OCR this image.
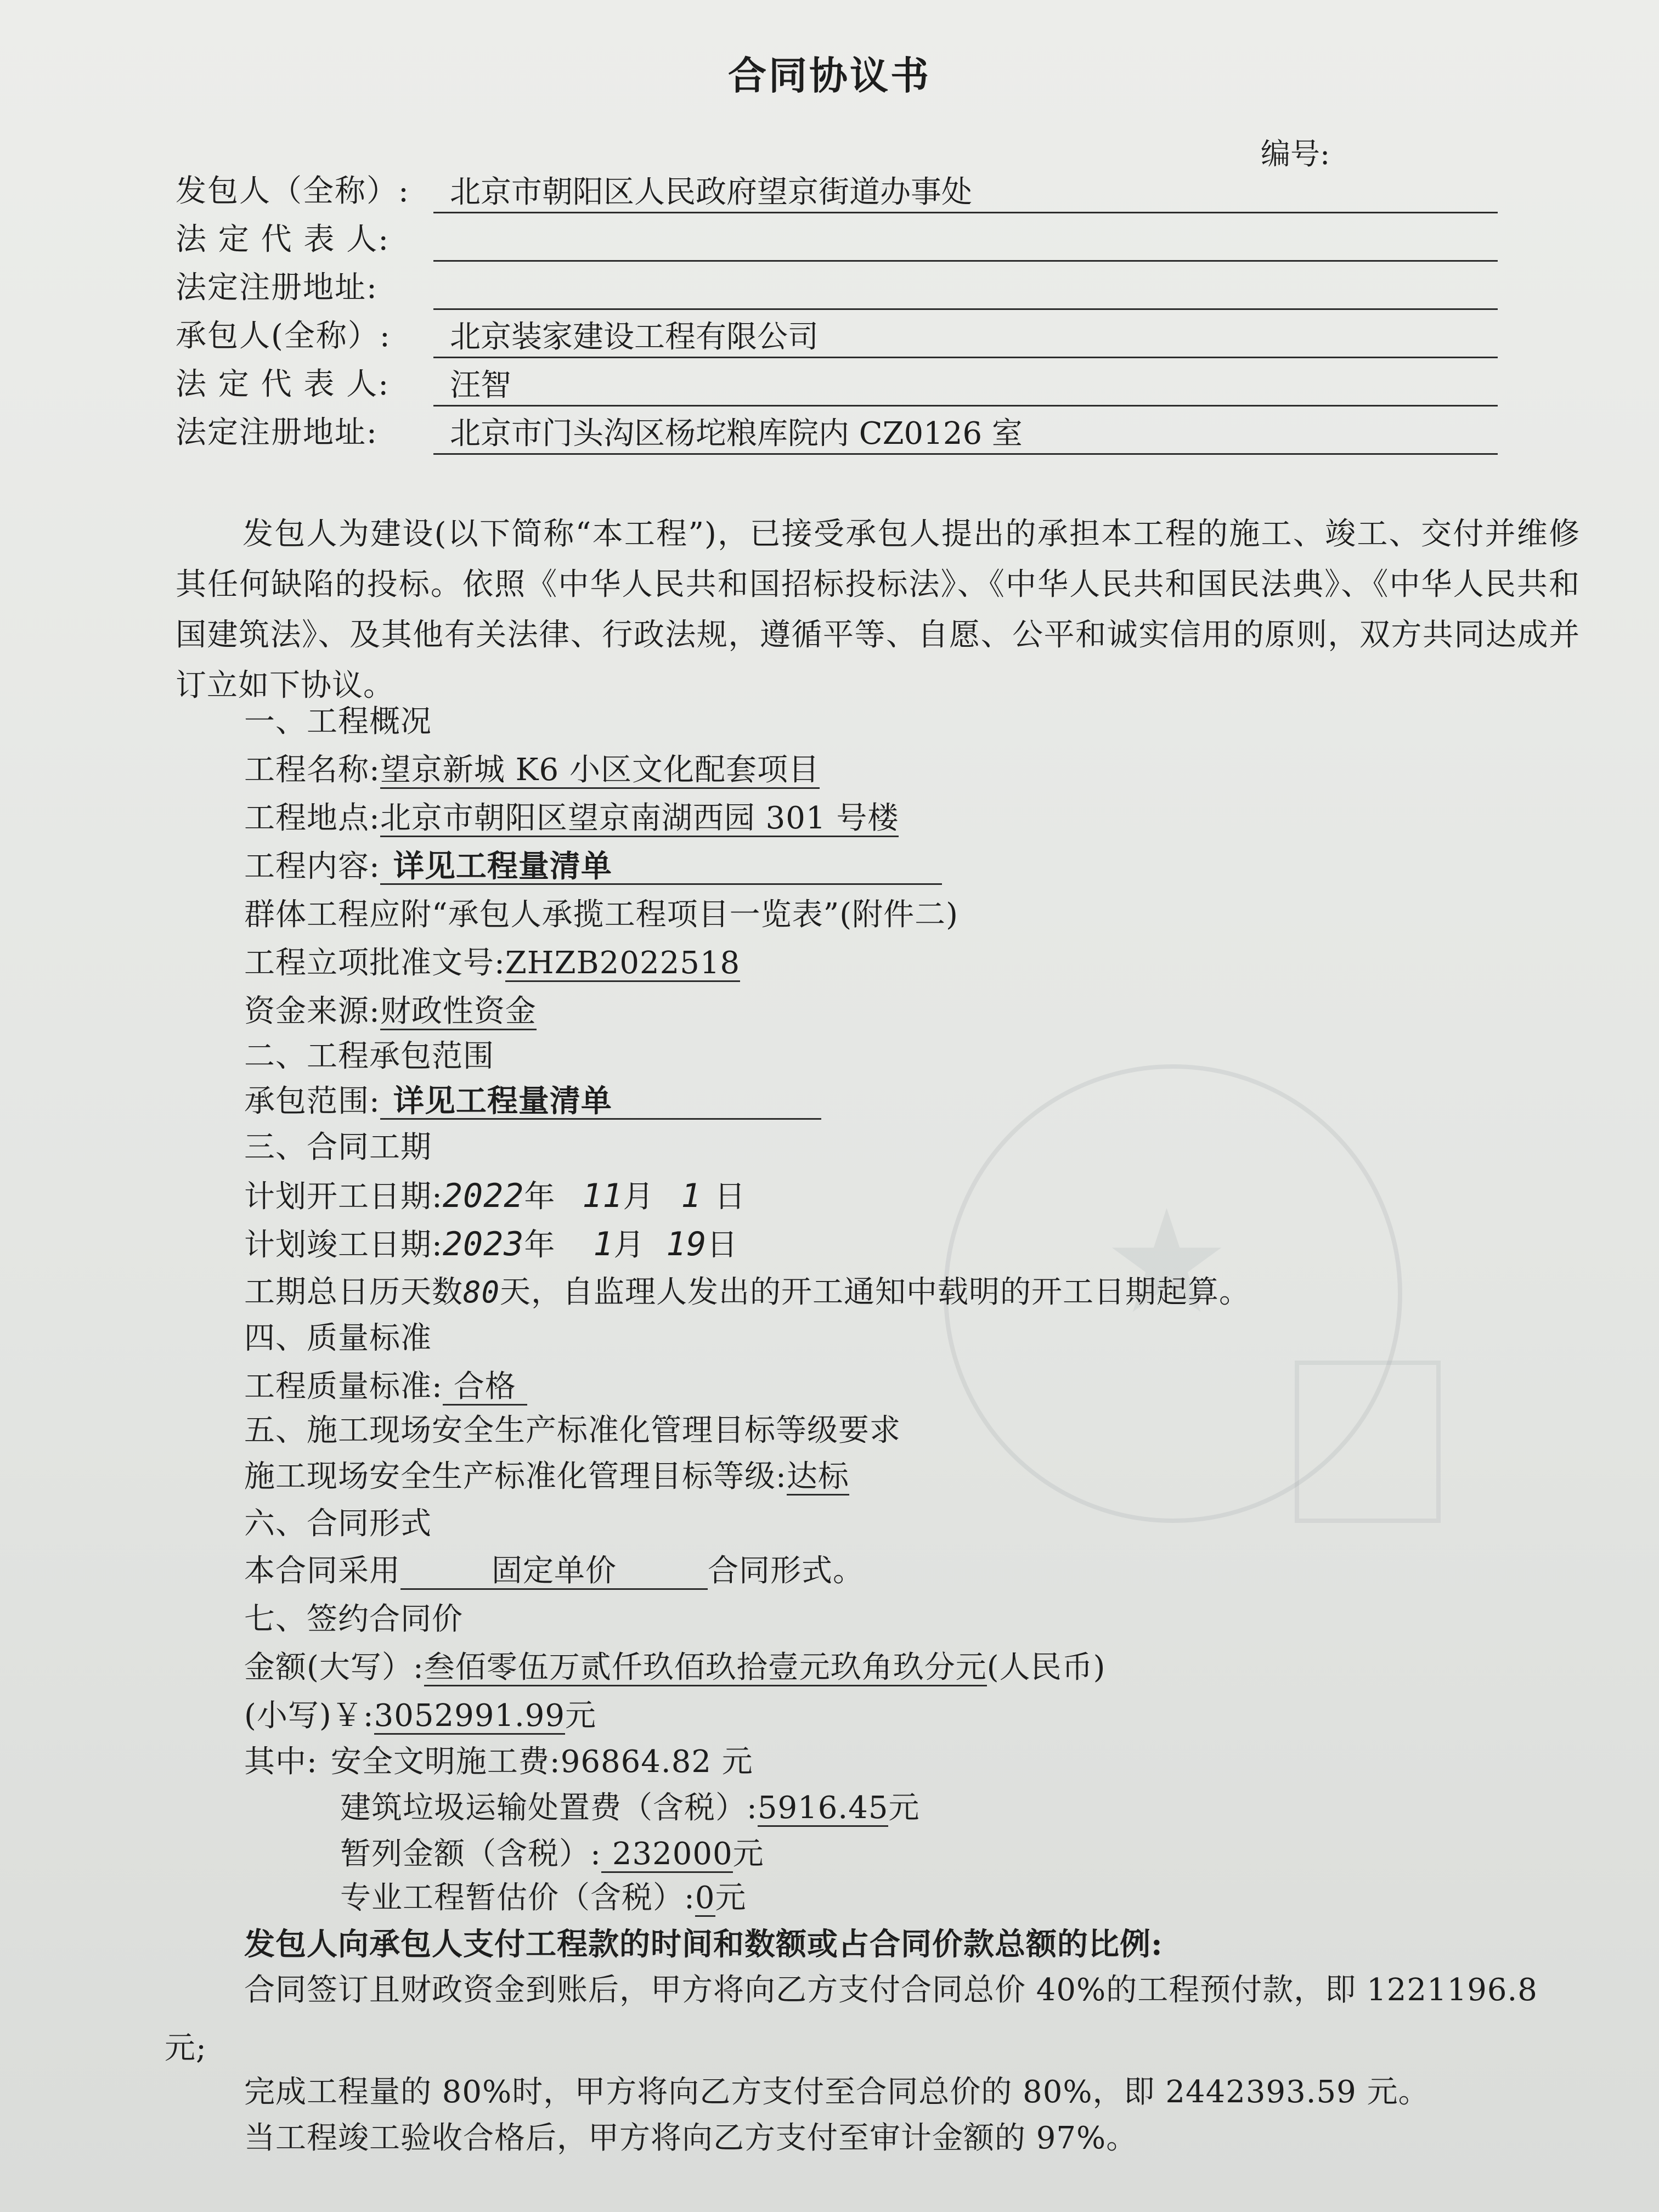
★
合同协议书
编号:
发包人（全称）:	北京市朝阳区人民政府望京街道办事处
法 定 代 表 人:
法定注册地址:
承包人(全称）:	北京装家建设工程有限公司
法 定 代 表 人:	汪智
法定注册地址:	北京市门头沟区杨坨粮库院内 CZ0126 室
发包人为建设(以下简称“本工程”)，已接受承包人提出的承担本工程的施工、竣工、交付并维修其任何缺陷的投标。依照《中华人民共和国招标投标法》、《中华人民共和国民法典》、《中华人民共和国建筑法》、及其他有关法律、行政法规，遵循平等、自愿、公平和诚实信用的原则，双方共同达成并订立如下协议。
一、工程概况
工程名称:望京新城 K6 小区文化配套项目
工程地点:北京市朝阳区望京南湖西园 301 号楼
工程内容: 详见工程量清单
群体工程应附“承包人承揽工程项目一览表”(附件二)
工程立项批准文号:ZHZB2022518
资金来源:财政性资金
二、工程承包范围
承包范围: 详见工程量清单
三、合同工期
计划开工日期:2022年 11月 1 日
计划竣工日期:2023年 1月 19日
工期总日历天数80天，自监理人发出的开工通知中载明的开工日期起算。
四、质量标准
工程质量标准: 合格
五、施工现场安全生产标准化管理目标等级要求
施工现场安全生产标准化管理目标等级:达标
六、合同形式
本合同采用	固定单价	合同形式。
七、签约合同价
金额(大写）:叁佰零伍万贰仟玖佰玖拾壹元玖角玖分元(人民币)
(小写)￥:3052991.99元
其中: 安全文明施工费:96864.82 元
建筑垃圾运输处置费（含税）:5916.45元
暂列金额（含税）: 232000元
专业工程暂估价（含税）:0元
发包人向承包人支付工程款的时间和数额或占合同价款总额的比例:
合同签订且财政资金到账后，甲方将向乙方支付合同总价 40%的工程预付款，即 1221196.8
元;
完成工程量的 80%时，甲方将向乙方支付至合同总价的 80%，即 2442393.59 元。
当工程竣工验收合格后，甲方将向乙方支付至审计金额的 97%。
